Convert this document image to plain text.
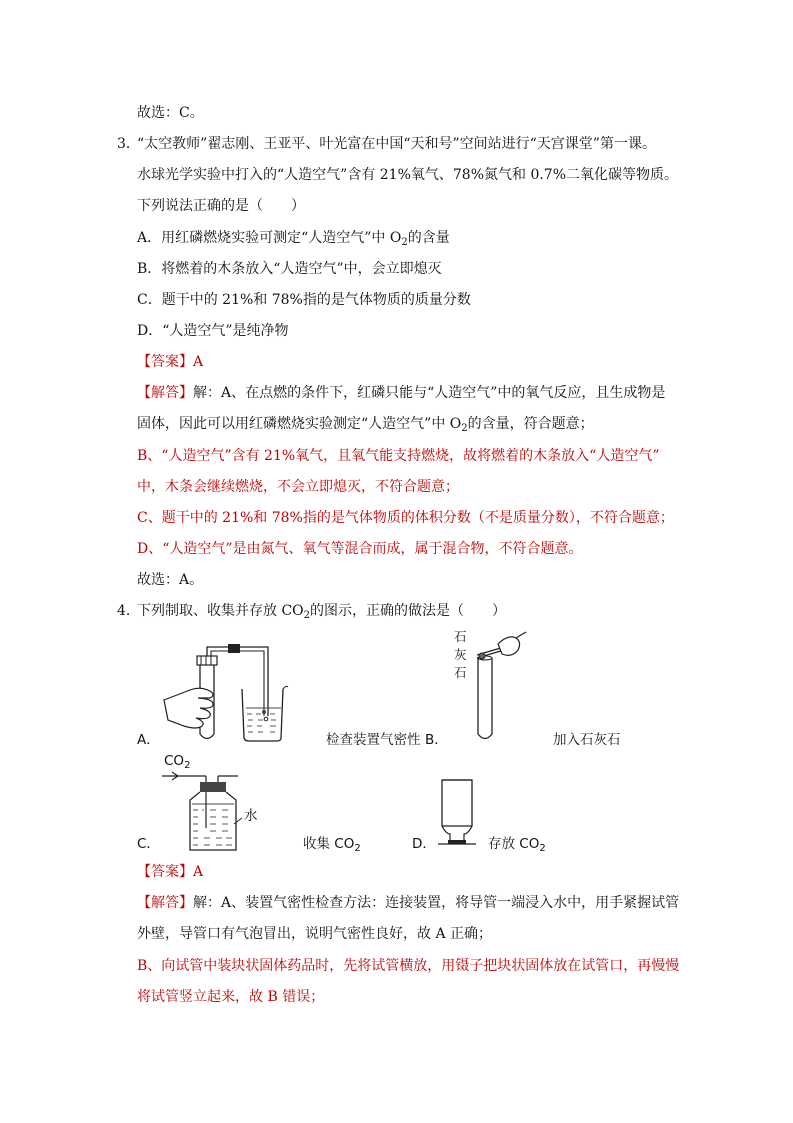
故选：C。
3．
“太空教师”翟志刚、王亚平、叶光富在中国“天和号”空间站进行“天宫课堂”第一课。
水球光学实验中打入的“人造空气”含有 21%氧气、78%氮气和 0.7%二氧化碳等物质。
下列说法正确的是（　　）
A．用红磷燃烧实验可测定“人造空气”中 $O_2$的含量
B．将燃着的木条放入“人造空气”中，会立即熄灭
C．题干中的 21%和 78%指的是气体物质的质量分数
D．“人造空气”是纯净物
【答案】A
【解答】解：A、在点燃的条件下，红磷只能与“人造空气”中的氧气反应，且生成物是
固体，因此可以用红磷燃烧实验测定“人造空气”中 $O_2$的含量，符合题意；
B、“人造空气”含有 21%氧气，且氧气能支持燃烧，故将燃着的木条放入“人造空气”
中，木条会继续燃烧，不会立即熄灭，不符合题意；
C、题干中的 21%和 78%指的是气体物质的体积分数（不是质量分数），不符合题意；
D、“人造空气”是由氮气、氧气等混合而成，属于混合物，不符合题意。
故选：A。
4．
下列制取、收集并存放 $CO_2$的图示，正确的做法是（　　）
A．	检查装置气密性 B．
石
灰
石
加入石灰石
C．
$CO_2$
水
收集 $CO_2$	D．	存放 $CO_2$
【答案】A
【解答】解：A、装置气密性检查方法：连接装置，将导管一端浸入水中，用手紧握试管
外壁，导管口有气泡冒出，说明气密性良好，故 A 正确；
B、向试管中装块状固体药品时，先将试管横放，用镊子把块状固体放在试管口，再慢慢
将试管竖立起来，故 B 错误；
